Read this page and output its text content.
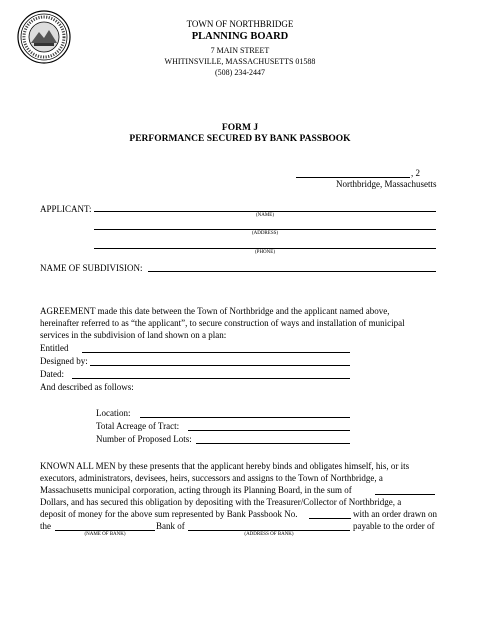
TOWN OF NORTHBRIDGE
PLANNING BOARD
7 MAIN STREET
WHITINSVILLE, MASSACHUSETTS 01588
(508) 234-2447
FORM J
PERFORMANCE SECURED BY BANK PASSBOOK
, 2
Northbridge, Massachusetts
APPLICANT:
(NAME)
(ADDRESS)
(PHONE)
NAME OF SUBDIVISION:
AGREEMENT made this date between the Town of Northbridge and the applicant named above,
hereinafter referred to as “the applicant”, to secure construction of ways and installation of municipal
services in the subdivision of land shown on a plan:
Entitled
Designed by:
Dated:
And described as follows:
Location:
Total Acreage of Tract:
Number of Proposed Lots:
KNOWN ALL MEN by these presents that the applicant hereby binds and obligates himself, his, or its
executors, administrators, devisees, heirs, successors and assigns to the Town of Northbridge, a
Massachusetts municipal corporation, acting through its Planning Board, in the sum of
Dollars, and has secured this obligation by depositing with the Treasurer/Collector of Northbridge, a
deposit of money for the above sum represented by Bank Passbook No.	with an order drawn on
the
(NAME OF BANK)
Bank of
(ADDRESS OF BANK)
payable to the order of
